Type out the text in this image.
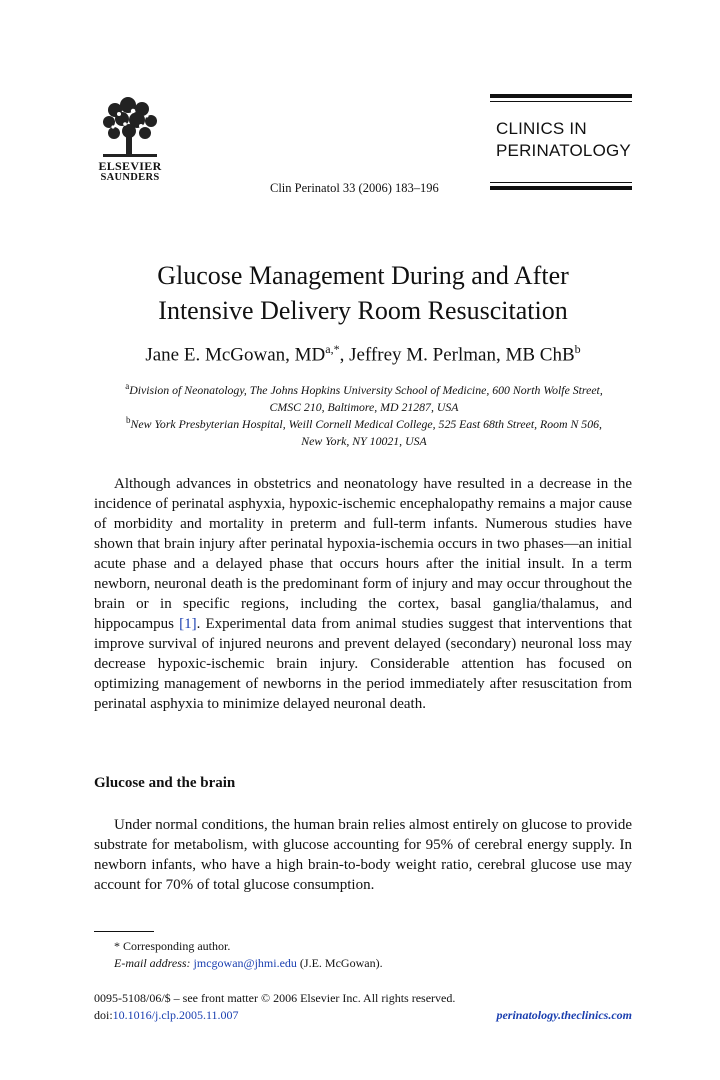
ELSEVIER
SAUNDERS
CLINICS IN
PERINATOLOGY
Clin Perinatol 33 (2006) 183–196
Glucose Management During and After
Intensive Delivery Room Resuscitation
Jane E. McGowan, $MD^{a,*}$, Jeffrey M. Perlman, MB ChB$^b$
$^a$Division of Neonatology, The Johns Hopkins University School of Medicine, 600 North Wolfe Street,
CMSC 210, Baltimore, MD 21287, USA
$^b$New York Presbyterian Hospital, Weill Cornell Medical College, 525 East 68th Street, Room N 506,
New York, NY 10021, USA
Although advances in obstetrics and neonatology have resulted in a decrease in the incidence of perinatal asphyxia, hypoxic-ischemic encephalopathy remains a major cause of morbidity and mortality in preterm and full-term infants. Numerous studies have shown that brain injury after perinatal hypoxia-ischemia occurs in two phases—an initial acute phase and a delayed phase that occurs hours after the initial insult. In a term newborn, neuronal death is the predominant form of injury and may occur throughout the brain or in specific regions, including the cortex, basal ganglia/thalamus, and hippocampus [1]. Experimental data from animal studies suggest that interventions that improve survival of injured neurons and prevent delayed (secondary) neuronal loss may decrease hypoxic-ischemic brain injury. Considerable attention has focused on optimizing management of newborns in the period immediately after resuscitation from perinatal asphyxia to minimize delayed neuronal death.
Glucose and the brain
Under normal conditions, the human brain relies almost entirely on glucose to provide substrate for metabolism, with glucose accounting for 95% of cerebral energy supply. In newborn infants, who have a high brain-to-body weight ratio, cerebral glucose use may account for 70% of total glucose consumption.
* Corresponding author.
E-mail address: jmcgowan@jhmi.edu (J.E. McGowan).
0095-5108/06/$ – see front matter © 2006 Elsevier Inc. All rights reserved.
doi:10.1016/j.clp.2005.11.007	perinatology.theclinics.com
